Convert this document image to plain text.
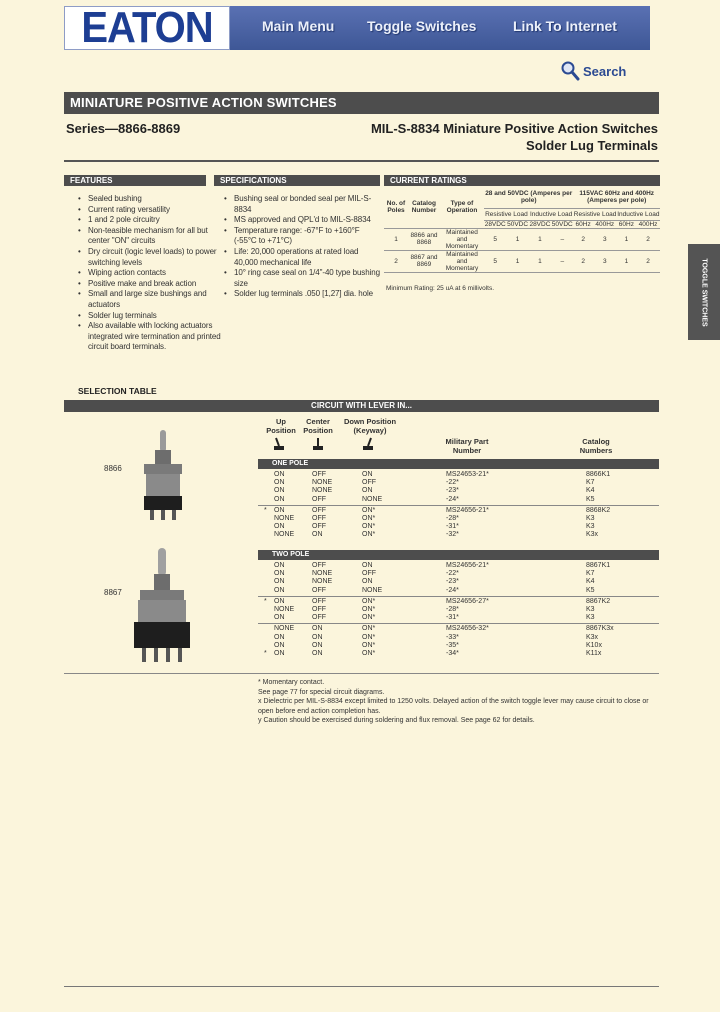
EATON	Main Menu Toggle Switches	Link To Internet
Search
MINIATURE POSITIVE ACTION SWITCHES
Series—8866-8869	MIL-S-8834 Miniature Positive Action Switches
Solder Lug Terminals
FEATURES
• Sealed bushing
• Current rating versatility
• 1 and 2 pole circuitry
• Non-teasible mechanism for all but center "ON" circuits
• Dry circuit (logic level loads) to power switching levels
• Wiping action contacts
• Positive make and break action
• Small and large size bushings and actuators
• Solder lug terminals
• Also available with locking actuators integrated wire termination and printed circuit board terminals.
SPECIFICATIONS
• Bushing seal or bonded seal per MIL-S-8834
• MS approved and QPL'd to MIL-S-8834
• Temperature range: -67°F to +160°F (-55°C to +71°C)
• Life: 20,000 operations at rated load 40,000 mechanical life
• 10° ring case seal on 1/4"-40 type bushing size
• Solder lug terminals .050 [1,27] dia. hole
CURRENT RATINGS
No. of Poles	Catalog Number	Type of Operation	28 and 50VDC (Amperes per pole)				115VAC 60Hz and 400Hz (Amperes per pole)			
			Resistive Load		Inductive Load		Resistive Load		Inductive Load	
			28VDC	50VDC	28VDC	50VDC	60Hz	400Hz	60Hz	400Hz
1	8866 and 8868	Maintained and Momentary	5	1	1	–	2	3	1	2
2	8867 and 8869	Maintained and Momentary	5	1	1	–	2	3	1	2
Minimum Rating: 25 uA at 6 millivolts.	TOGGLE SWITCHES
SELECTION TABLE
CIRCUIT WITH LEVER IN...
Up Position
Center Position
Down Position (Keyway)
Military Part Number
Catalog Numbers
8866
8867
ONE POLE
ON	OFF	ON	MS24653-21*	8866K1
ON	NONE	OFF	-22*	K7
ON	NONE	ON	-23*	K4
ON	OFF	NONE	-24*	K5
* ON	OFF	ON*	MS24656-21*	8868K2
NONE	OFF	ON*	-28*	K3
ON	OFF	ON*	-31*	K3
NONE	ON	ON*	-32*	K3x
TWO POLE
ON	OFF	ON	MS24656-21*	8867K1
ON	NONE	OFF	-22*	K7
ON	NONE	ON	-23*	K4
ON	OFF	NONE	-24*	K5
* ON	OFF	ON*	MS24656-27*	8867K2
NONE	OFF	ON*	-28*	K3
ON	OFF	ON*	-31*	K3
NONE	ON	ON*	MS24656-32*	8867K3x
ON	ON	ON*	-33*	K3x
ON	ON	ON*	-35*	K10x
* ON	ON	ON*	-34*	K11x
* Momentary contact.
See page 77 for special circuit diagrams.
x Dielectric per MIL-S-8834 except limited to 1250 volts. Delayed action of the switch toggle lever may cause circuit to close or open before end action completion has.
y Caution should be exercised during soldering and flux removal. See page 62 for details.
